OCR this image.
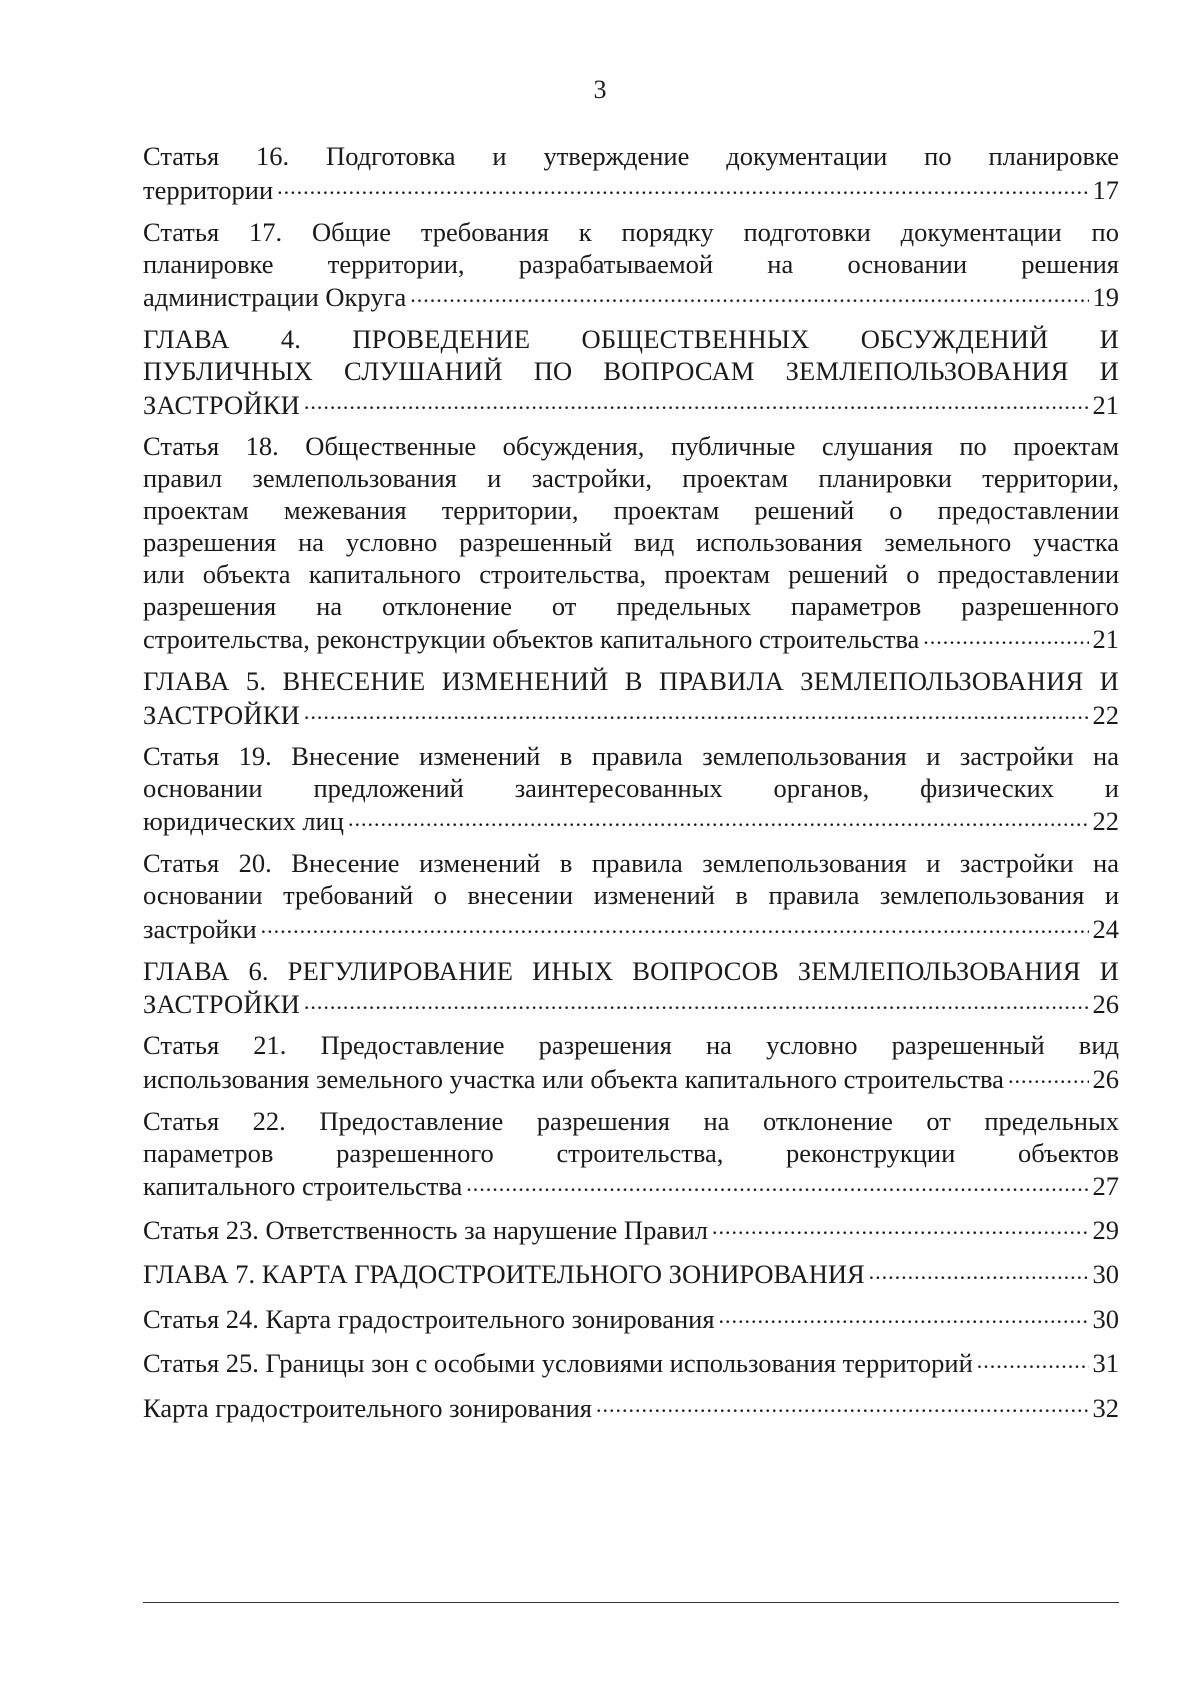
3
Статья 16. Подготовка и утверждение документации по планировке
территории .....	17
Статья 17. Общие требования к порядку подготовки документации по
планировке территории, разрабатываемой на основании решения
администрации Округа .....	19
ГЛАВА 4. ПРОВЕДЕНИЕ ОБЩЕСТВЕННЫХ ОБСУЖДЕНИЙ И
ПУБЛИЧНЫХ СЛУШАНИЙ ПО ВОПРОСАМ ЗЕМЛЕПОЛЬЗОВАНИЯ И
ЗАСТРОЙКИ .....	21
Статья 18. Общественные обсуждения, публичные слушания по проектам
правил землепользования и застройки, проектам планировки территории,
проектам межевания территории, проектам решений о предоставлении
разрешения на условно разрешенный вид использования земельного участка
или объекта капитального строительства, проектам решений о предоставлении
разрешения на отклонение от предельных параметров разрешенного
строительства, реконструкции объектов капитального строительства .....	21
ГЛАВА 5. ВНЕСЕНИЕ ИЗМЕНЕНИЙ В ПРАВИЛА ЗЕМЛЕПОЛЬЗОВАНИЯ И
ЗАСТРОЙКИ .....	22
Статья 19. Внесение изменений в правила землепользования и застройки на
основании предложений заинтересованных органов, физических и
юридических лиц .....	22
Статья 20. Внесение изменений в правила землепользования и застройки на
основании требований о внесении изменений в правила землепользования и
застройки .....	24
ГЛАВА 6. РЕГУЛИРОВАНИЕ ИНЫХ ВОПРОСОВ ЗЕМЛЕПОЛЬЗОВАНИЯ И
ЗАСТРОЙКИ .....	26
Статья 21. Предоставление разрешения на условно разрешенный вид
использования земельного участка или объекта капитального строительства .....	26
Статья 22. Предоставление разрешения на отклонение от предельных
параметров разрешенного строительства, реконструкции объектов
капитального строительства .....	27
Статья 23. Ответственность за нарушение Правил .....	29
ГЛАВА 7. КАРТА ГРАДОСТРОИТЕЛЬНОГО ЗОНИРОВАНИЯ .....	30
Статья 24. Карта градостроительного зонирования .....	30
Статья 25. Границы зон с особыми условиями использования территорий .....	31
Карта градостроительного зонирования .....	32
